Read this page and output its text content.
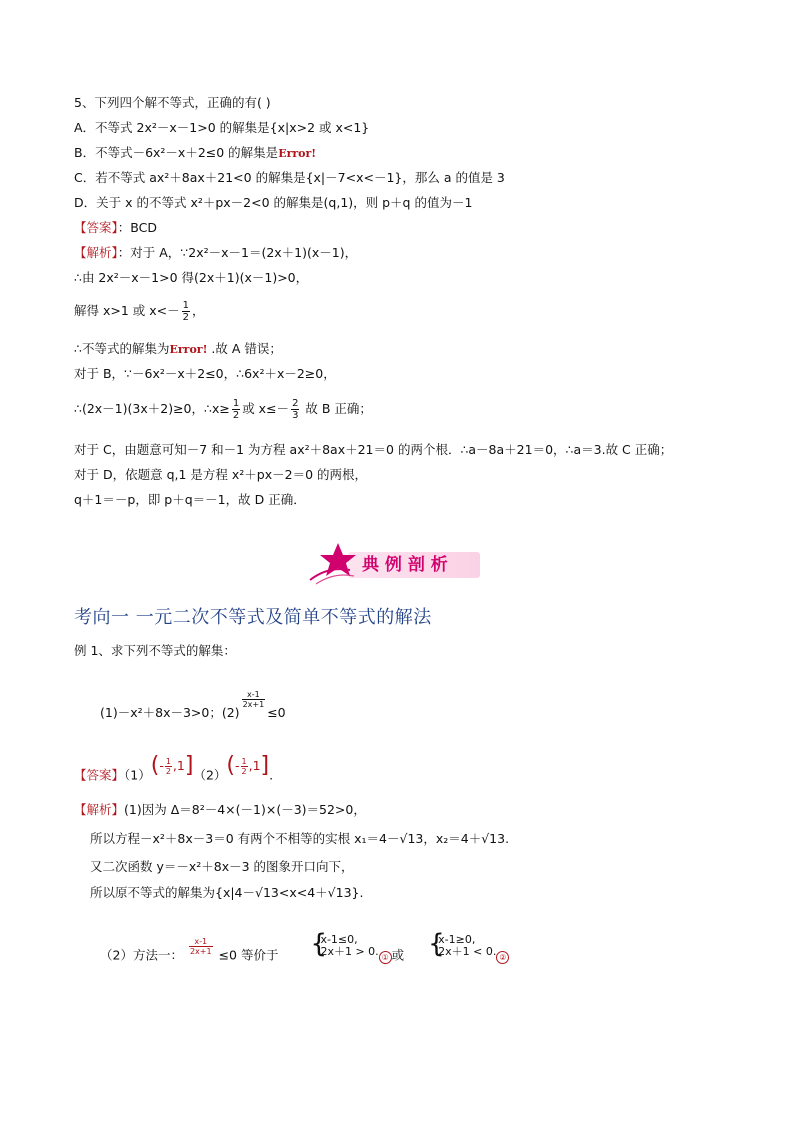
5、下列四个解不等式，正确的有( )
A．不等式 2x²－x－1>0 的解集是{x|x>2 或 x<1}
B．不等式－6x²－x＋2≤0 的解集是Error!
C．若不等式 ax²＋8ax＋21<0 的解集是{x|－7<x<－1}，那么 a 的值是 3
D．关于 x 的不等式 x²＋px－2<0 的解集是(q,1)，则 p＋q 的值为－1
【答案】：BCD
【解析】：对于 A，∵2x²－x－1＝(2x＋1)(x－1)，
∴由 2x²－x－1>0 得(2x＋1)(x－1)>0，
解得 x>1 或 $x<- \frac{1}{2}$ ，
∴不等式的解集为Error! .故 A 错误；
对于 B，∵－6x²－x＋2≤0，∴6x²＋x－2≥0，
∴(2x－1)(3x＋2)≥0，∴x≥ $\frac{1}{2}$ 或 $x\le- \frac{2}{3}$ 故 B 正确；
对于 C，由题意可知－7 和－1 为方程 ax²＋8ax＋21＝0 的两个根．∴a－8a＋21＝0，∴a＝3.故 C 正确；
对于 D，依题意 q,1 是方程 x²＋px－2＝0 的两根，
q＋1＝－p，即 p＋q＝－1，故 D 正确．
典 例 剖 析
考向一 一元二次不等式及简单不等式的解法
例 1、求下列不等式的解集：
(1)－x²＋8x－3>0；(2)
$\frac{x-1}{2x+1}$
≤0
【答案】$(1)(- \frac{1}{2},1](2)(- \frac{1}{2},1]$.
【解析】(1)因为 Δ＝8²－4×(－1)×(－3)＝52>0，
所以方程－x²＋8x－3＝0 有两个不相等的实根 x₁＝4－√13，x₂＝4＋√13.
又二次函数 y＝－x²＋8x－3 的图象开口向下，
所以原不等式的解集为{x|4－√13<x<4＋√13}.
（2）方法一： $\frac{x-1}{2x+1} \le 0$ 等价于
{ x-1≤0,
2x＋1 > 0. ① 或
{ x-1≥0,
2x＋1 < 0. ②
